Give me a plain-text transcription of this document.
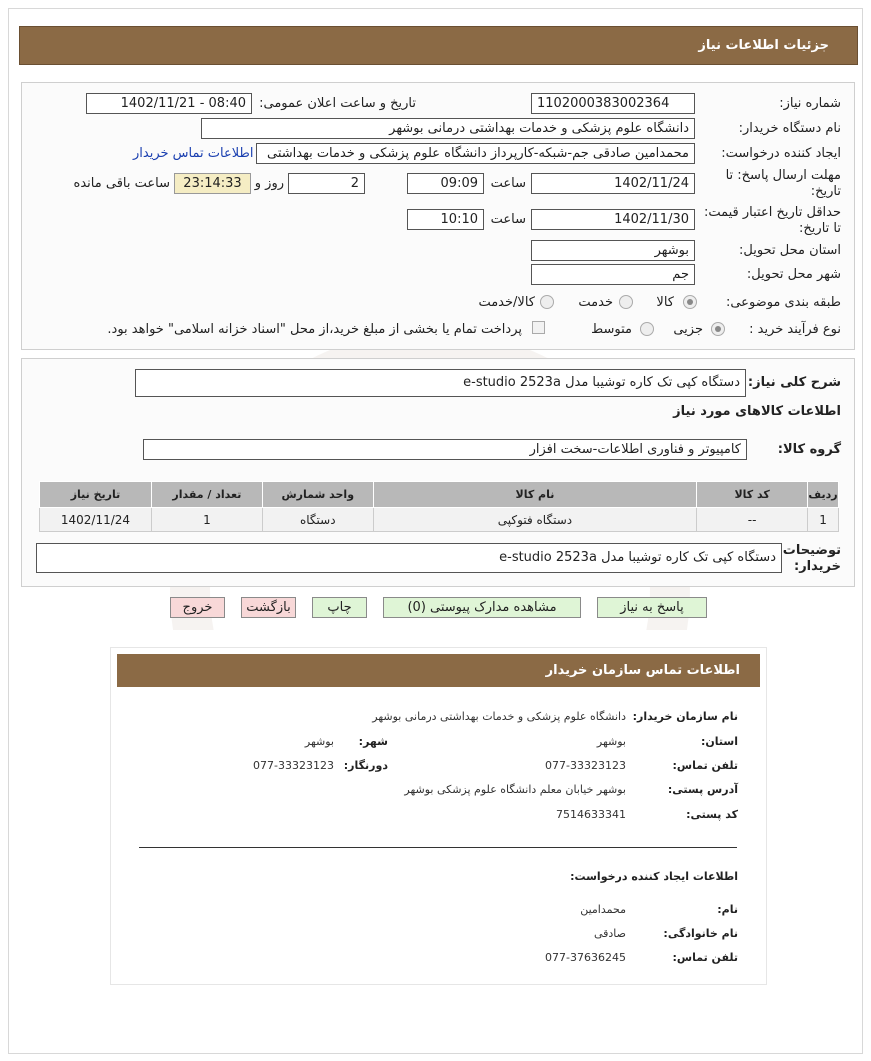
جزئیات اطلاعات نیاز
شماره نیاز:
1102000383002364
تاریخ و ساعت اعلان عمومی:
1402/11/21 - 08:40
نام دستگاه خریدار:
دانشگاه علوم پزشکی و خدمات بهداشتی درمانی بوشهر
ایجاد کننده درخواست:
محمدامین صادقی جم-شبکه-کارپرداز دانشگاه علوم پزشکی و خدمات بهداشتی
اطلاعات تماس خریدار
مهلت ارسال پاسخ: تا
تاریخ:
1402/11/24
ساعت
09:09
2
روز و
23:14:33
ساعت باقی مانده
حداقل تاریخ اعتبار قیمت:
تا تاریخ:
1402/11/30
ساعت
10:10
استان محل تحویل:
بوشهر
شهر محل تحویل:
جم
طبقه بندی موضوعی:
کالا
خدمت
کالا/خدمت
نوع فرآیند خرید :
جزیی
متوسط
پرداخت تمام یا بخشی از مبلغ خرید،از محل "اسناد خزانه اسلامی" خواهد بود.
شرح کلی نیاز:
دستگاه کپی تک کاره توشیبا مدل e-studio 2523a
اطلاعات کالاهای مورد نیاز
گروه کالا:
کامپیوتر و فناوری اطلاعات-سخت افزار
ردیف	کد کالا	نام کالا	واحد شمارش	تعداد / مقدار	تاریخ نیاز
1	--	دستگاه فتوکپی	دستگاه	1	1402/11/24
توضیحات
خریدار:
دستگاه کپی تک کاره توشیبا مدل e-studio 2523a
پاسخ به نیاز
مشاهده مدارک پیوستی (0)
چاپ
بازگشت
خروج
اطلاعات تماس سازمان خریدار
نام سازمان خریدار:
دانشگاه علوم پزشکی و خدمات بهداشتی درمانی بوشهر
استان:
بوشهر
شهر:
بوشهر
تلفن تماس:
077-33323123
دورنگار:
077-33323123
آدرس پستی:
بوشهر خیابان معلم دانشگاه علوم پزشکی بوشهر
کد پستی:
7514633341
اطلاعات ایجاد کننده درخواست:
نام:
محمدامین
نام خانوادگی:
صادقی
تلفن تماس:
077-37636245
